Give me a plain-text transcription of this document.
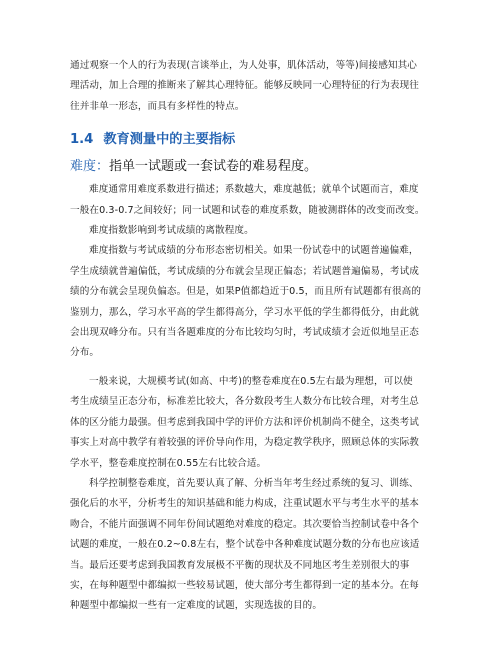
通过观察一个人的行为表现(言谈举止，为人处事，肌体活动，等等)间接感知其心

理活动，加上合理的推断来了解其心理特征。能够反映同一心理特征的行为表现往

往并非单一形态，而具有多样性的特点。

1.4 教育测量中的主要指标
难度：指单一试题或一套试卷的难易程度。

难度通常用难度系数进行描述；系数越大，难度越低；就单个试题而言，难度

一般在0.3-0.7之间较好；同一试题和试卷的难度系数，随被测群体的改变而改变。

难度指数影响到考试成绩的离散程度。

难度指数与考试成绩的分布形态密切相关。如果一份试卷中的试题普遍偏难，

学生成绩就普遍偏低，考试成绩的分布就会呈现正偏态；若试题普遍偏易，考试成

绩的分布就会呈现负偏态。但是，如果P值都趋近于0.5，而且所有试题都有很高的

鉴别力，那么，学习水平高的学生都得高分，学习水平低的学生都得低分，由此就

会出现双峰分布。只有当各题难度的分布比较均匀时，考试成绩才会近似地呈正态

分布。

一般来说，大规模考试(如高、中考)的整卷难度在0.5左右最为理想，可以使

考生成绩呈正态分布，标准差比较大，各分数段考生人数分布比较合理，对考生总

体的区分能力最强。但考虑到我国中学的评价方法和评价机制尚不健全，这类考试

事实上对高中教学有着较强的评价导向作用，为稳定教学秩序，照顾总体的实际教

学水平，整卷难度控制在0.55左右比较合适。

科学控制整卷难度，首先要认真了解、分析当年考生经过系统的复习、训练、

强化后的水平，分析考生的知识基础和能力构成，注重试题水平与考生水平的基本

吻合，不能片面强调不同年份间试题绝对难度的稳定。其次要恰当控制试卷中各个

试题的难度，一般在0.2~0.8左右，整个试卷中各种难度试题分数的分布也应该适

当。最后还要考虑到我国教育发展极不平衡的现状及不同地区考生差别很大的事

实，在每种题型中都编拟一些较易试题，使大部分考生都得到一定的基本分。在每

种题型中都编拟一些有一定难度的试题，实现选拔的目的。
